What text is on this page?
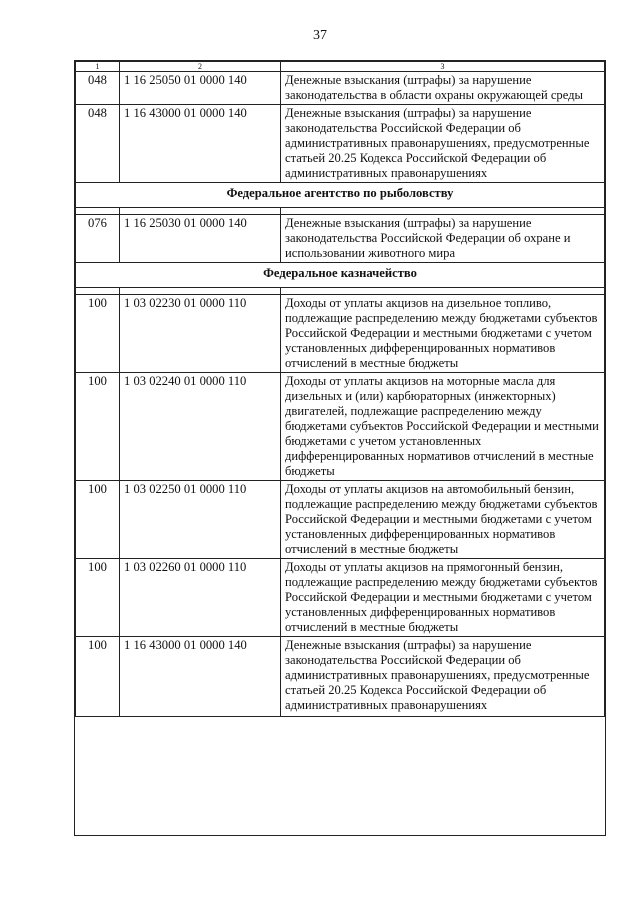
37
1	2	3
048	1 16 25050 01 0000 140	Денежные взыскания (штрафы) за нарушение законодательства в области охраны окружающей среды
048	1 16 43000 01 0000 140	Денежные взыскания (штрафы) за нарушение законодательства Российской Федерации об административных правонарушениях, предусмотренные статьей 20.25 Кодекса Российской Федерации об административных правонарушениях
Федеральное агентство по рыболовству		

076	1 16 25030 01 0000 140	Денежные взыскания (штрафы) за нарушение законодательства Российской Федерации об охране и использовании животного мира
Федеральное казначейство		

100	1 03 02230 01 0000 110	Доходы от уплаты акцизов на дизельное топливо, подлежащие распределению между бюджетами субъектов Российской Федерации и местными бюджетами с учетом установленных дифференцированных нормативов отчислений в местные бюджеты
100	1 03 02240 01 0000 110	Доходы от уплаты акцизов на моторные масла для дизельных и (или) карбюраторных (инжекторных) двигателей, подлежащие распределению между бюджетами субъектов Российской Федерации и местными бюджетами с учетом установленных дифференцированных нормативов отчислений в местные бюджеты
100	1 03 02250 01 0000 110	Доходы от уплаты акцизов на автомобильный бензин, подлежащие распределению между бюджетами субъектов Российской Федерации и местными бюджетами с учетом установленных дифференцированных нормативов отчислений в местные бюджеты
100	1 03 02260 01 0000 110	Доходы от уплаты акцизов на прямогонный бензин, подлежащие распределению между бюджетами субъектов Российской Федерации и местными бюджетами с учетом установленных дифференцированных нормативов отчислений в местные бюджеты
100	1 16 43000 01 0000 140	Денежные взыскания (штрафы) за нарушение законодательства Российской Федерации об административных правонарушениях, предусмотренные статьей 20.25 Кодекса Российской Федерации об административных правонарушениях
